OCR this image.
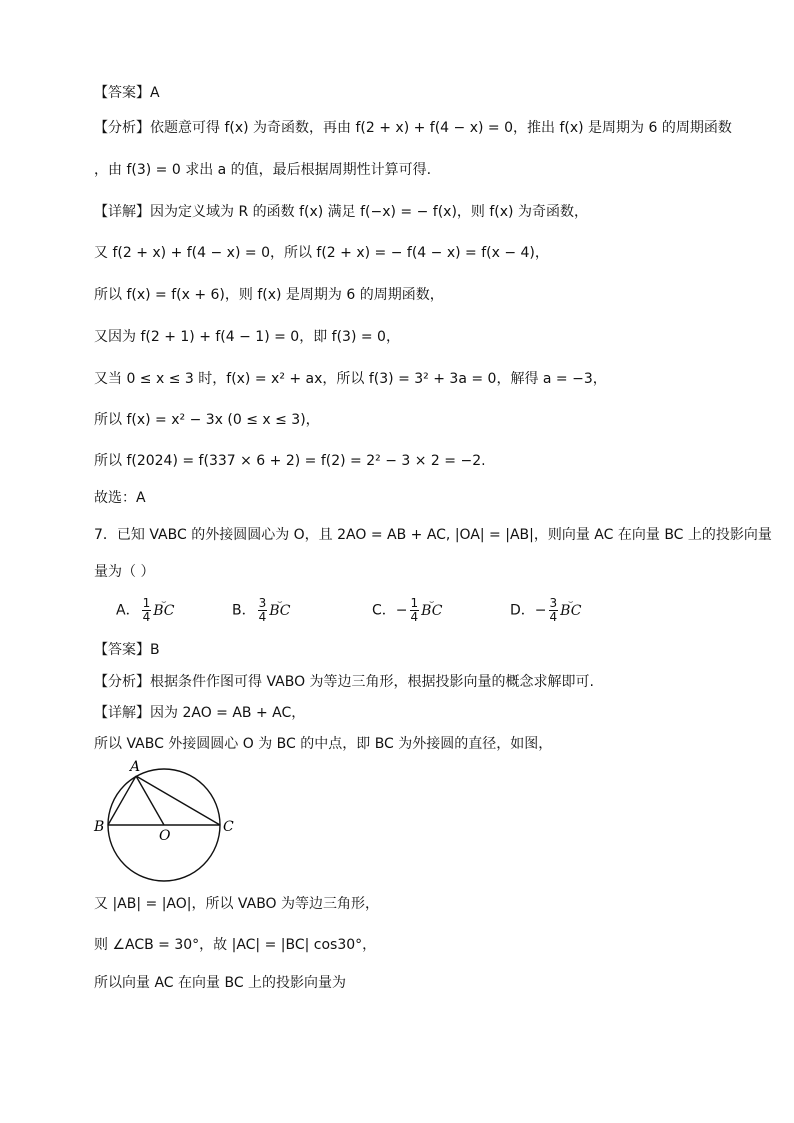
【答案】A
【分析】依题意可得 f(x) 为奇函数，再由 f(2 + x) + f(4 − x) = 0，推出 f(x) 是周期为 6 的周期函数
，由 f(3) = 0 求出 a 的值，最后根据周期性计算可得.
【详解】因为定义域为 R 的函数 f(x) 满足 f(−x) = − f(x)，则 f(x) 为奇函数，
又 f(2 + x) + f(4 − x) = 0，所以 f(2 + x) = − f(4 − x) = f(x − 4)，
所以 f(x) = f(x + 6)，则 f(x) 是周期为 6 的周期函数，
又因为 f(2 + 1) + f(4 − 1) = 0，即 f(3) = 0，
又当 0 ≤ x ≤ 3 时，f(x) = x² + ax，所以 f(3) = 3² + 3a = 0，解得 a = −3，
所以 f(x) = x² − 3x (0 ≤ x ≤ 3)，
所以 f(2024) = f(337 × 6 + 2) = f(2) = 2² − 3 × 2 = −2.
故选：A
7．已知 VABC 的外接圆圆心为 O，且 2AO = AB + AC, |OA| = |AB|，则向量 AC 在向量 BC 上的投影向量
量为（ ）
A． $\frac{1}{4}$ ⌣ BC	B． $\frac{3}{4}$ ⌣ BC	C．− $\frac{1}{4}$ ⌣ BC	D．− $\frac{3}{4}$ ⌣ BC
【答案】B
【分析】根据条件作图可得 VABO 为等边三角形，根据投影向量的概念求解即可.
【详解】因为 2AO = AB + AC，
所以 VABC 外接圆圆心 O 为 BC 的中点，即 BC 为外接圆的直径，如图，
A
B	C
O
又 |AB| = |AO|，所以 VABO 为等边三角形，
则 ∠ACB = 30°，故 |AC| = |BC| cos30°，
所以向量 AC 在向量 BC 上的投影向量为
